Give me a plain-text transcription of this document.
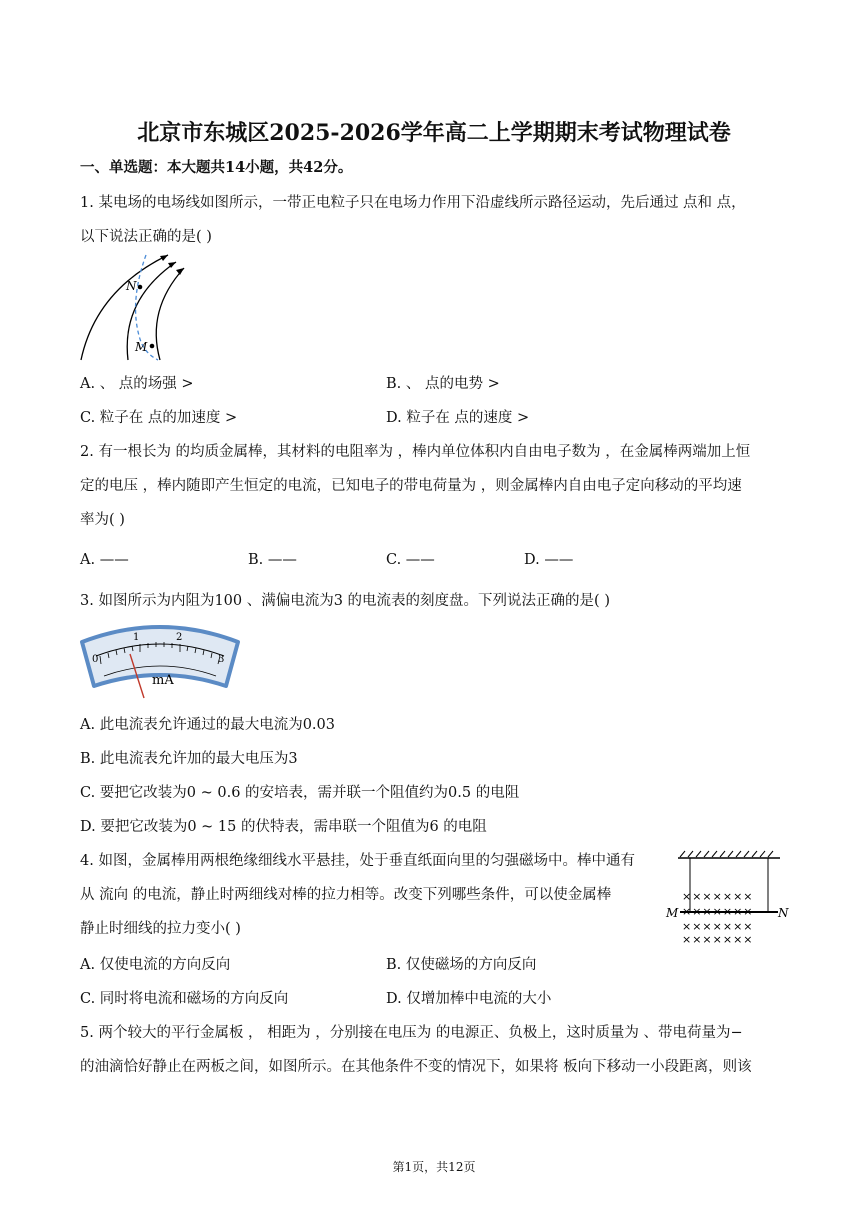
北京市东城区2025-2026学年高二上学期期末考试物理试卷
一、单选题：本大题共14小题，共42分。
1. 某电场的电场线如图所示，一带正电粒子只在电场力作用下沿虚线所示路径运动，先后通过 点和 点，
以下说法正确的是( )
N
M
A. 、 点的场强 >	B. 、 点的电势 >
C. 粒子在 点的加速度 >	D. 粒子在 点的速度 >
2. 有一根长为 的均质金属棒，其材料的电阻率为 ，棒内单位体积内自由电子数为 ，在金属棒两端加上恒
定的电压 ，棒内随即产生恒定的电流，已知电子的带电荷量为 ，则金属棒内自由电子定向移动的平均速
率为( )
A. ——	B. ——	C. ——	D. ——
3. 如图所示为内阻为100 、满偏电流为3 的电流表的刻度盘。下列说法正确的是( )
0
1	2
3
mA
A. 此电流表允许通过的最大电流为0.03
B. 此电流表允许加的最大电压为3
C. 要把它改装为0 ~ 0.6 的安培表，需并联一个阻值约为0.5 的电阻
D. 要把它改装为0 ~ 15 的伏特表，需串联一个阻值为6 的电阻
4. 如图，金属棒用两根绝缘细线水平悬挂，处于垂直纸面向里的匀强磁场中。棒中通有
从 流向 的电流，静止时两细线对棒的拉力相等。改变下列哪些条件，可以使金属棒
静止时细线的拉力变小( )
×××××××
×××××××
×××××××
×××××××
M	N
A. 仅使电流的方向反向	B. 仅使磁场的方向反向
C. 同时将电流和磁场的方向反向	D. 仅增加棒中电流的大小
5. 两个较大的平行金属板 ， 相距为 ，分别接在电压为 的电源正、负极上，这时质量为 、带电荷量为−
的油滴恰好静止在两板之间，如图所示。在其他条件不变的情况下，如果将 板向下移动一小段距离，则该
第1页，共12页
